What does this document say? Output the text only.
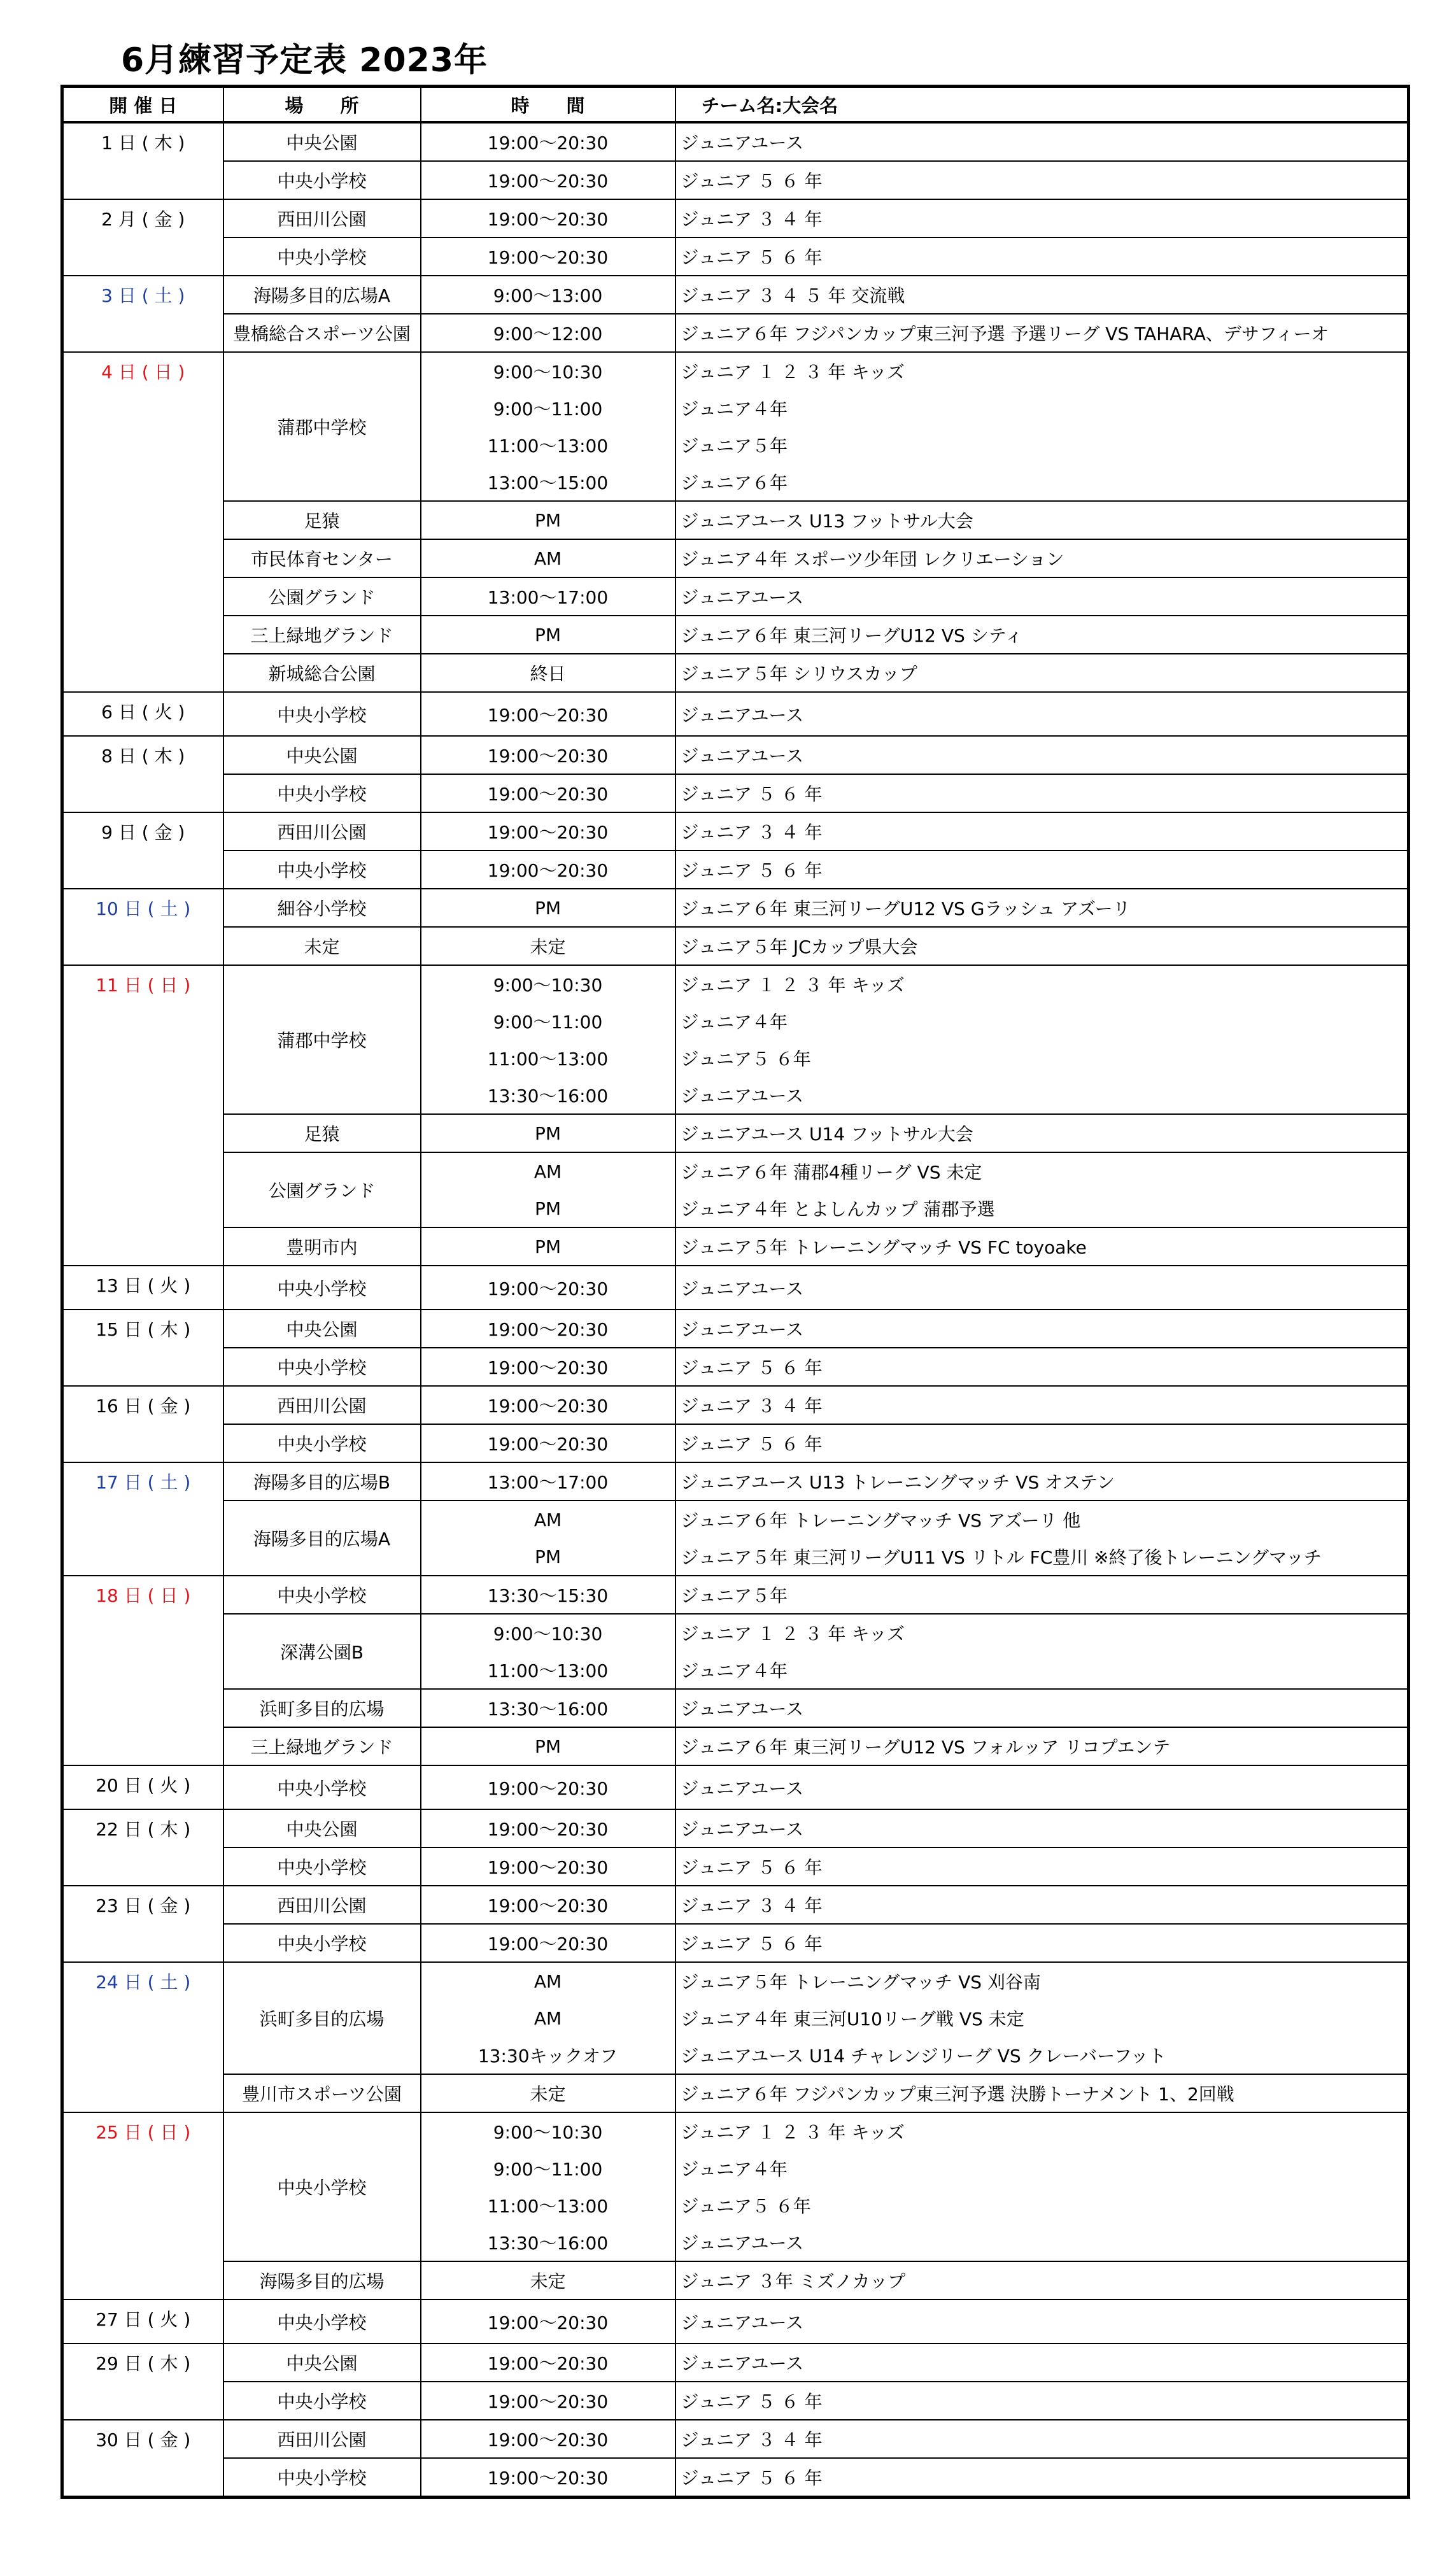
6月練習予定表 2023年
開 催 日	場　　所	時　　間	チーム名:大会名
1 日 ( 木 )	中央公園	19:00～20:30	ジュニアユース
	中央小学校	19:00～20:30	ジュニア ５ ６ 年
2 月 ( 金 )	西田川公園	19:00～20:30	ジュニア ３ ４ 年
	中央小学校	19:00～20:30	ジュニア ５ ６ 年
3 日 ( 土 )	海陽多目的広場A	9:00～13:00	ジュニア ３ ４ ５ 年 交流戦
	豊橋総合スポーツ公園	9:00～12:00	ジュニア６年 フジパンカップ東三河予選 予選リーグ VS TAHARA、デサフィーオ
4 日 ( 日 )	蒲郡中学校	9:00～10:30	ジュニア １ ２ ３ 年 キッズ
		9:00～11:00	ジュニア４年
		11:00～13:00	ジュニア５年
		13:00～15:00	ジュニア６年
	足猿	PM	ジュニアユース U13 フットサル大会
	市民体育センター	AM	ジュニア４年 スポーツ少年団 レクリエーション
	公園グランド	13:00～17:00	ジュニアユース
	三上緑地グランド	PM	ジュニア６年 東三河リーグU12 VS シティ
	新城総合公園	終日	ジュニア５年 シリウスカップ
6 日 ( 火 )	中央小学校	19:00～20:30	ジュニアユース
8 日 ( 木 )	中央公園	19:00～20:30	ジュニアユース
	中央小学校	19:00～20:30	ジュニア ５ ６ 年
9 日 ( 金 )	西田川公園	19:00～20:30	ジュニア ３ ４ 年
	中央小学校	19:00～20:30	ジュニア ５ ６ 年
10 日 ( 土 )	細谷小学校	PM	ジュニア６年 東三河リーグU12 VS Gラッシュ アズーリ
	未定	未定	ジュニア５年 JCカップ県大会
11 日 ( 日 )	蒲郡中学校	9:00～10:30	ジュニア １ ２ ３ 年 キッズ
		9:00～11:00	ジュニア４年
		11:00～13:00	ジュニア５ ６年
		13:30～16:00	ジュニアユース
	足猿	PM	ジュニアユース U14 フットサル大会
	公園グランド	AM	ジュニア６年 蒲郡4種リーグ VS 未定
		PM	ジュニア４年 とよしんカップ 蒲郡予選
	豊明市内	PM	ジュニア５年 トレーニングマッチ VS FC toyoake
13 日 ( 火 )	中央小学校	19:00～20:30	ジュニアユース
15 日 ( 木 )	中央公園	19:00～20:30	ジュニアユース
	中央小学校	19:00～20:30	ジュニア ５ ６ 年
16 日 ( 金 )	西田川公園	19:00～20:30	ジュニア ３ ４ 年
	中央小学校	19:00～20:30	ジュニア ５ ６ 年
17 日 ( 土 )	海陽多目的広場B	13:00～17:00	ジュニアユース U13 トレーニングマッチ VS オステン
	海陽多目的広場A	AM	ジュニア６年 トレーニングマッチ VS アズーリ 他
		PM	ジュニア５年 東三河リーグU11 VS リトル FC豊川 ※終了後トレーニングマッチ
18 日 ( 日 )	中央小学校	13:30～15:30	ジュニア５年
	深溝公園B	9:00～10:30	ジュニア １ ２ ３ 年 キッズ
		11:00～13:00	ジュニア４年
	浜町多目的広場	13:30～16:00	ジュニアユース
	三上緑地グランド	PM	ジュニア６年 東三河リーグU12 VS フォルッア リコプエンテ
20 日 ( 火 )	中央小学校	19:00～20:30	ジュニアユース
22 日 ( 木 )	中央公園	19:00～20:30	ジュニアユース
	中央小学校	19:00～20:30	ジュニア ５ ６ 年
23 日 ( 金 )	西田川公園	19:00～20:30	ジュニア ３ ４ 年
	中央小学校	19:00～20:30	ジュニア ５ ６ 年
24 日 ( 土 )	浜町多目的広場	AM	ジュニア５年 トレーニングマッチ VS 刈谷南
		AM	ジュニア４年 東三河U10リーグ戦 VS 未定
		13:30キックオフ	ジュニアユース U14 チャレンジリーグ VS クレーバーフット
	豊川市スポーツ公園	未定	ジュニア６年 フジパンカップ東三河予選 決勝トーナメント 1、2回戦
25 日 ( 日 )	中央小学校	9:00～10:30	ジュニア １ ２ ３ 年 キッズ
		9:00～11:00	ジュニア４年
		11:00～13:00	ジュニア５ ６年
		13:30～16:00	ジュニアユース
	海陽多目的広場	未定	ジュニア ３年 ミズノカップ
27 日 ( 火 )	中央小学校	19:00～20:30	ジュニアユース
29 日 ( 木 )	中央公園	19:00～20:30	ジュニアユース
	中央小学校	19:00～20:30	ジュニア ５ ６ 年
30 日 ( 金 )	西田川公園	19:00～20:30	ジュニア ３ ４ 年
	中央小学校	19:00～20:30	ジュニア ５ ６ 年
